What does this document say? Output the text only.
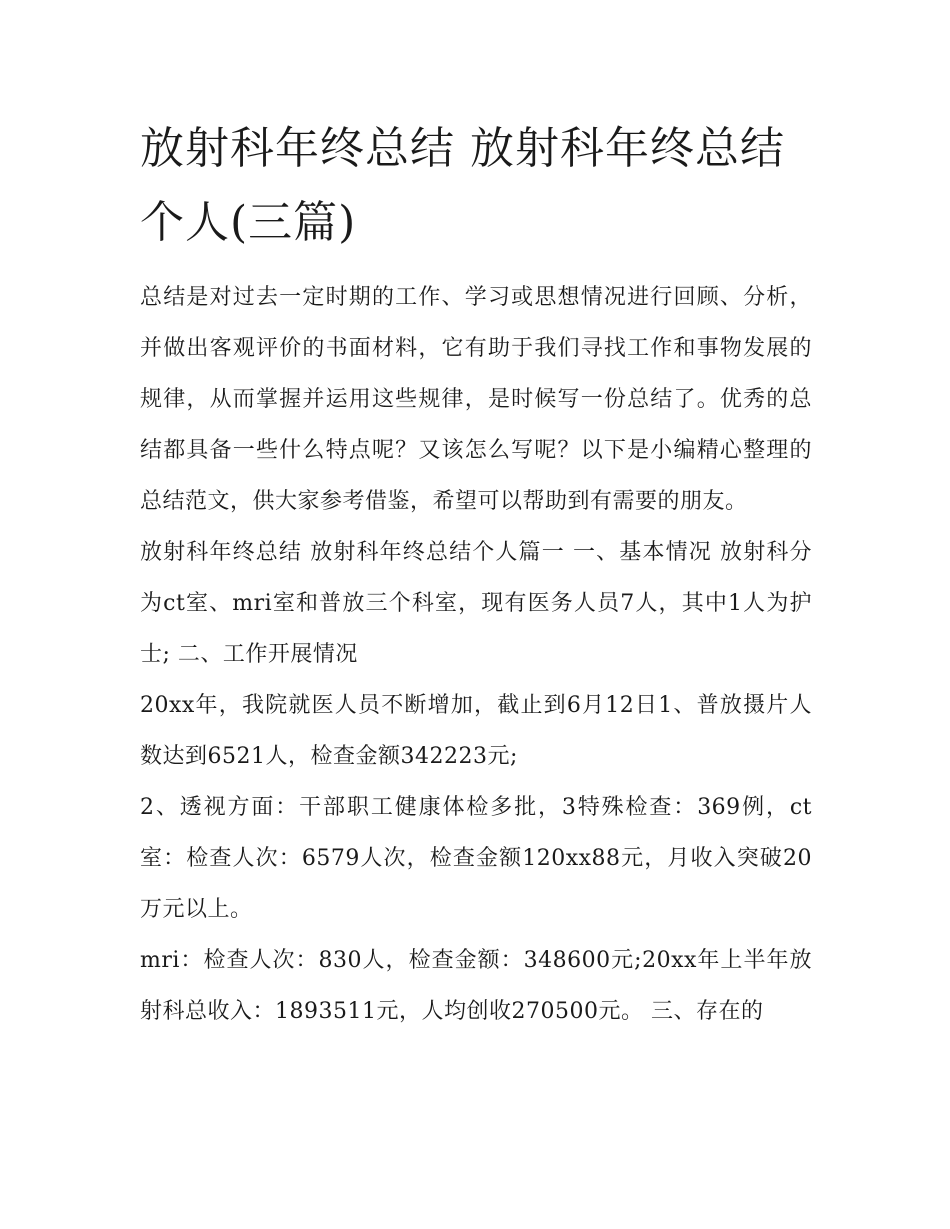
放射科年终总结 放射科年终总结个人(三篇)

总结是对过去一定时期的工作、学习或思想情况进行回顾、分析，并做出客观评价的书面材料，它有助于我们寻找工作和事物发展的规律，从而掌握并运用这些规律，是时候写一份总结了。优秀的总结都具备一些什么特点呢？又该怎么写呢？以下是小编精心整理的总结范文，供大家参考借鉴，希望可以帮助到有需要的朋友。

放射科年终总结 放射科年终总结个人篇一 一、基本情况 放射科分为ct室、mri室和普放三个科室，现有医务人员7人，其中1人为护士; 二、工作开展情况

20xx年，我院就医人员不断增加，截止到6月12日1、普放摄片人数达到6521人，检查金额342223元;

2、透视方面：干部职工健康体检多批，3特殊检查：369例，ct室：检查人次：6579人次，检查金额120xx88元，月收入突破20万元以上。

mri：检查人次：830人，检查金额：348600元;20xx年上半年放射科总收入：1893511元，人均创收270500元。 三、存在的
